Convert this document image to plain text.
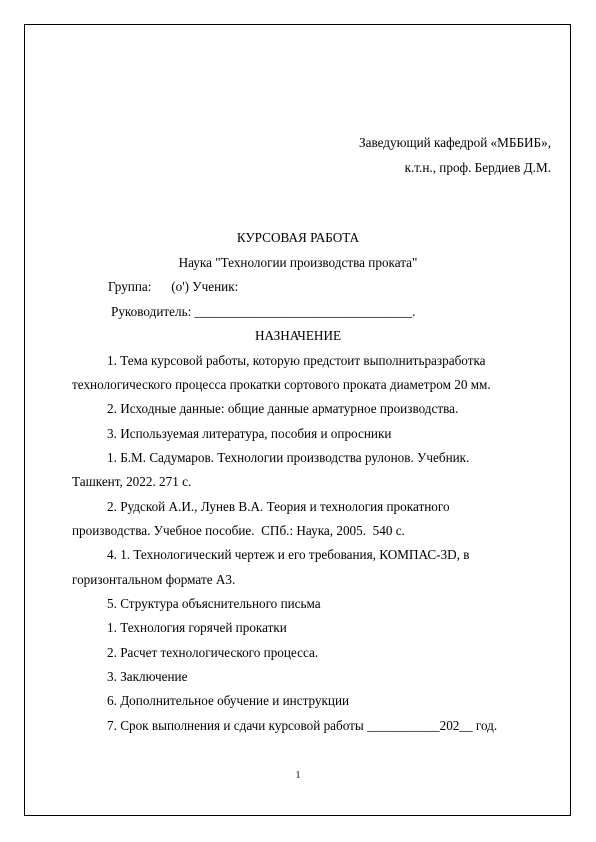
Заведующий кафедрой «МББИБ»,
к.т.н., проф. Бердиев Д.М.
КУРСОВАЯ РАБОТА
Наука "Технологии производства проката"
Группа:      (o') Ученик:
Руководитель: _________________________________.
НАЗНАЧЕНИЕ
1. Тема курсовой работы, которую предстоит выполнитьразработка
технологического процесса прокатки сортового проката диаметром 20 мм.
2. Исходные данные: общие данные арматурное производства.
3. Используемая литература, пособия и опросники
1. Б.М. Садумаров. Технологии производства рулонов. Учебник.
Ташкент, 2022. 271 с.
2. Рудской А.И., Лунев В.А. Теория и технология прокатного
производства. Учебное пособие.  СПб.: Наука, 2005.  540 с.
4. 1. Технологический чертеж и его требования, КОМПАС-3D, в
горизонтальном формате А3.
5. Структура объяснительного письма
1. Технология горячей прокатки
2. Расчет технологического процесса.
3. Заключение
6. Дополнительное обучение и инструкции
7. Срок выполнения и сдачи курсовой работы ___________202__ год.
1
